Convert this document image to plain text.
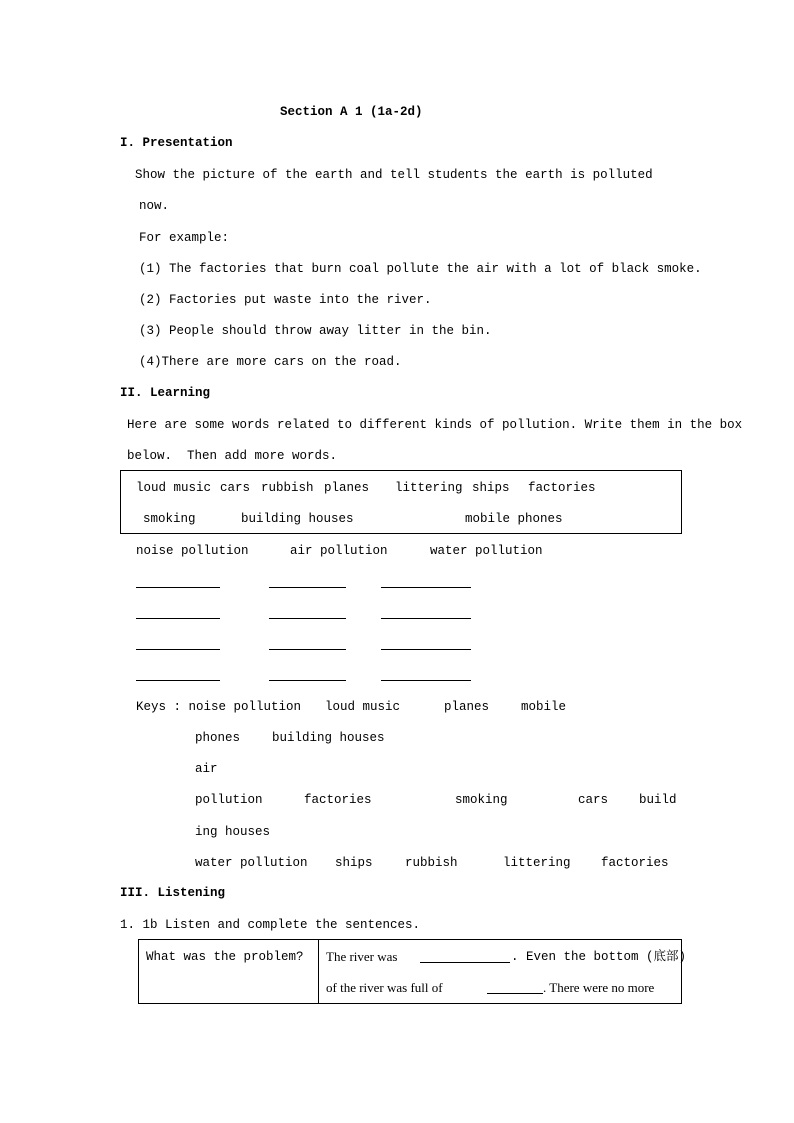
Section A 1 (1a-2d)
I. Presentation
Show the picture of the earth and tell students the earth is polluted
now.
For example:
(1) The factories that burn coal pollute the air with a lot of black smoke.
(2) Factories put waste into the river.
(3) People should throw away litter in the bin.
(4)There are more cars on the road.
II. Learning
Here are some words related to different kinds of pollution. Write them in the box
below.  Then add more words.
loud music cars rubbish planes littering ships factories
smoking	building houses	mobile phones
noise pollution	air pollution	water pollution
Keys : noise pollution loud music	planes	mobile
phones	building houses
air
pollution	factories	smoking	cars build
ing houses
water pollution ships	rubbish	littering factories
III. Listening
1. 1b Listen and complete the sentences.
What was the problem? The river was	. Even the bottom (底部)
of the river was full of	. There were no more
